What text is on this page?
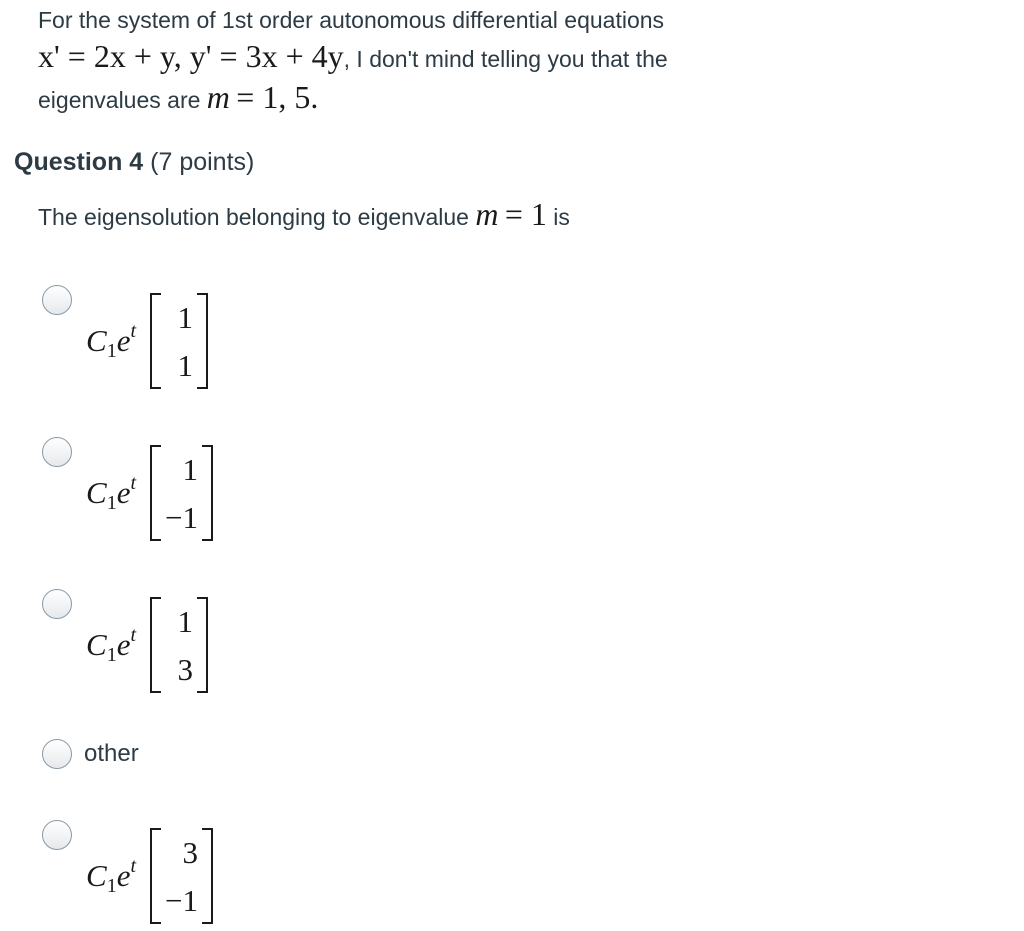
For the system of 1st order autonomous differential equations
x' = 2x + y, y' = 3x + 4y, I don't mind telling you that the
eigenvalues are m = 1, 5.
Question 4 (7 points)
The eigensolution belonging to eigenvalue m = 1 is
$C_1e^t$ 1
1
$C_1e^t$ 1
−1
$C_1e^t$ 1
3
other
$C_1e^t$ 3
−1
